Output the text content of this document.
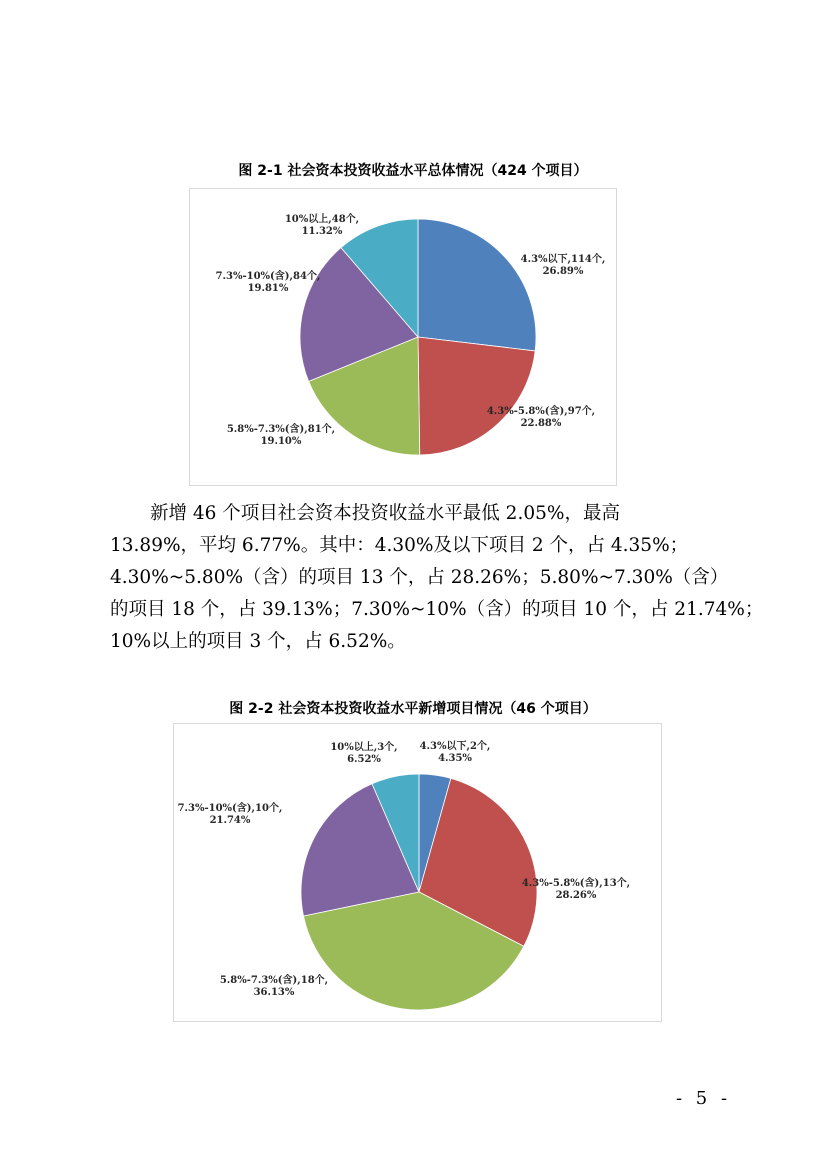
图 2-1 社会资本投资收益水平总体情况（424 个项目）
4.3%以下,114个, 26.89%
4.3%-5.8%(含),97个, 22.88%
5.8%-7.3%(含),81个, 19.10%
7.3%-10%(含),84个, 19.81%
10%以上,48个, 11.32%
新增 46 个项目社会资本投资收益水平最低 2.05%，最高
13.89%，平均 6.77%。其中：4.30%及以下项目 2 个，占 4.35%；
4.30%~5.80%（含）的项目 13 个，占 28.26%；5.80%~7.30%（含）
的项目 18 个，占 39.13%；7.30%~10%（含）的项目 10 个，占 21.74%；
10%以上的项目 3 个，占 6.52%。
图 2-2 社会资本投资收益水平新增项目情况（46 个项目）
4.3%以下,2个, 4.35%
4.3%-5.8%(含),13个, 28.26%
5.8%-7.3%(含),18个, 36.13%
7.3%-10%(含),10个, 21.74%
10%以上,3个, 6.52%
- 5 -
